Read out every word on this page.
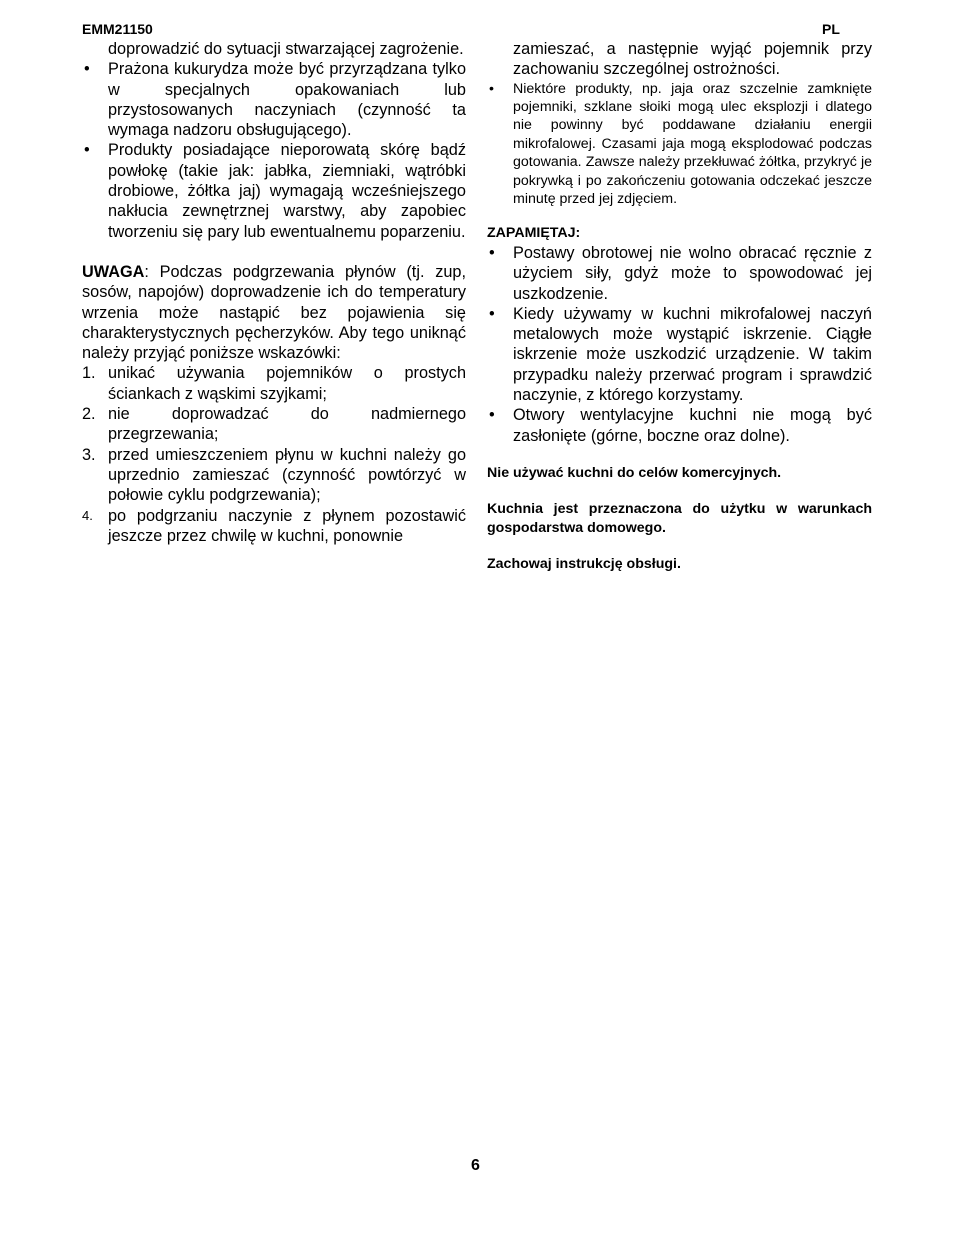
EMM21150	PL
doprowadzić do sytuacji stwarzającej zagrożenie.
• Prażona kukurydza może być przyrządzana tylko w specjalnych opakowaniach lub przystosowanych naczyniach (czynność ta wymaga nadzoru obsługującego).
• Produkty posiadające nieporowatą skórę bądź powłokę (takie jak: jabłka, ziemniaki, wątróbki drobiowe, żółtka jaj) wymagają wcześniejszego nakłucia zewnętrznej warstwy, aby zapobiec tworzeniu się pary lub ewentualnemu poparzeniu.

UWAGA: Podczas podgrzewania płynów (tj. zup, sosów, napojów) doprowadzenie ich do temperatury wrzenia może nastąpić bez pojawienia się charakterystycznych pęcherzyków. Aby tego uniknąć należy przyjąć poniższe wskazówki:

1. unikać używania pojemników o prostych ściankach z wąskimi szyjkami;
2. nie doprowadzać do nadmiernego przegrzewania;
3. przed umieszczeniem płynu w kuchni należy go uprzednio zamieszać (czynność powtórzyć w połowie cyklu podgrzewania);
4. po podgrzaniu naczynie z płynem pozostawić jeszcze przez chwilę w kuchni, ponownie
zamieszać, a następnie wyjąć pojemnik przy zachowaniu szczególnej ostrożności.
• Niektóre produkty, np. jaja oraz szczelnie zamknięte pojemniki, szklane słoiki mogą ulec eksplozji i dlatego nie powinny być poddawane działaniu energii mikrofalowej. Czasami jaja mogą eksplodować podczas gotowania. Zawsze należy przekłuwać żółtka, przykryć je pokrywką i po zakończeniu gotowania odczekać jeszcze minutę przed jej zdjęciem.
ZAPAMIĘTAJ:
• Postawy obrotowej nie wolno obracać ręcznie z użyciem siły, gdyż może to spowodować jej uszkodzenie.
• Kiedy używamy w kuchni mikrofalowej naczyń metalowych może wystąpić iskrzenie. Ciągłe iskrzenie może uszkodzić urządzenie. W takim przypadku należy przerwać program i sprawdzić naczynie, z którego korzystamy.
• Otwory wentylacyjne kuchni nie mogą być zasłonięte (górne, boczne oraz dolne).
Nie używać kuchni do celów komercyjnych.
Kuchnia jest przeznaczona do użytku w warunkach gospodarstwa domowego.
Zachowaj instrukcję obsługi.
6
